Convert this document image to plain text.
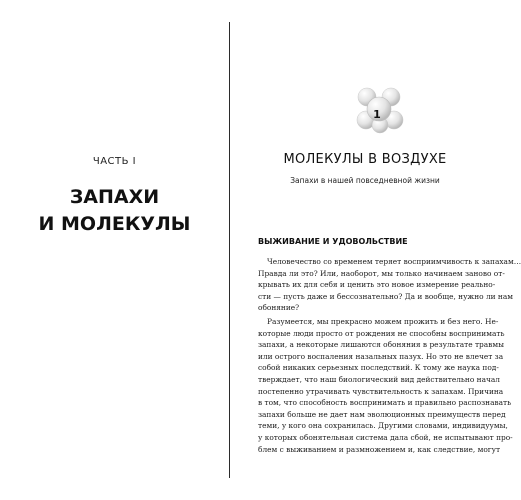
ЧАСТЬ I
ЗАПАХИ
И МОЛЕКУЛЫ
1
МОЛЕКУЛЫ В ВОЗДУХЕ
Запахи в нашей повседневной жизни
ВЫЖИВАНИЕ И УДОВОЛЬСТВИЕ
Человечество со временем теряет восприимчивость к запахам…
Правда ли это? Или, наоборот, мы только начинаем заново от-
крывать их для себя и ценить это новое измерение реально-
сти — пусть даже и бессознательно? Да и вообще, нужно ли нам
обоняние?
Разумеется, мы прекрасно можем прожить и без него. Не-
которые люди просто от рождения не способны воспринимать
запахи, а некоторые лишаются обоняния в результате травмы
или острого воспаления назальных пазух. Но это не влечет за
собой никаких серьезных последствий. К тому же наука под-
тверждает, что наш биологический вид действительно начал
постепенно утрачивать чувствительность к запахам. Причина
в том, что способность воспринимать и правильно распознавать
запахи больше не дает нам эволюционных преимуществ перед
теми, у кого она сохранилась. Другими словами, индивидуумы,
у которых обонятельная система дала сбой, не испытывают про-
блем с выживанием и размножением и, как следствие, могут
